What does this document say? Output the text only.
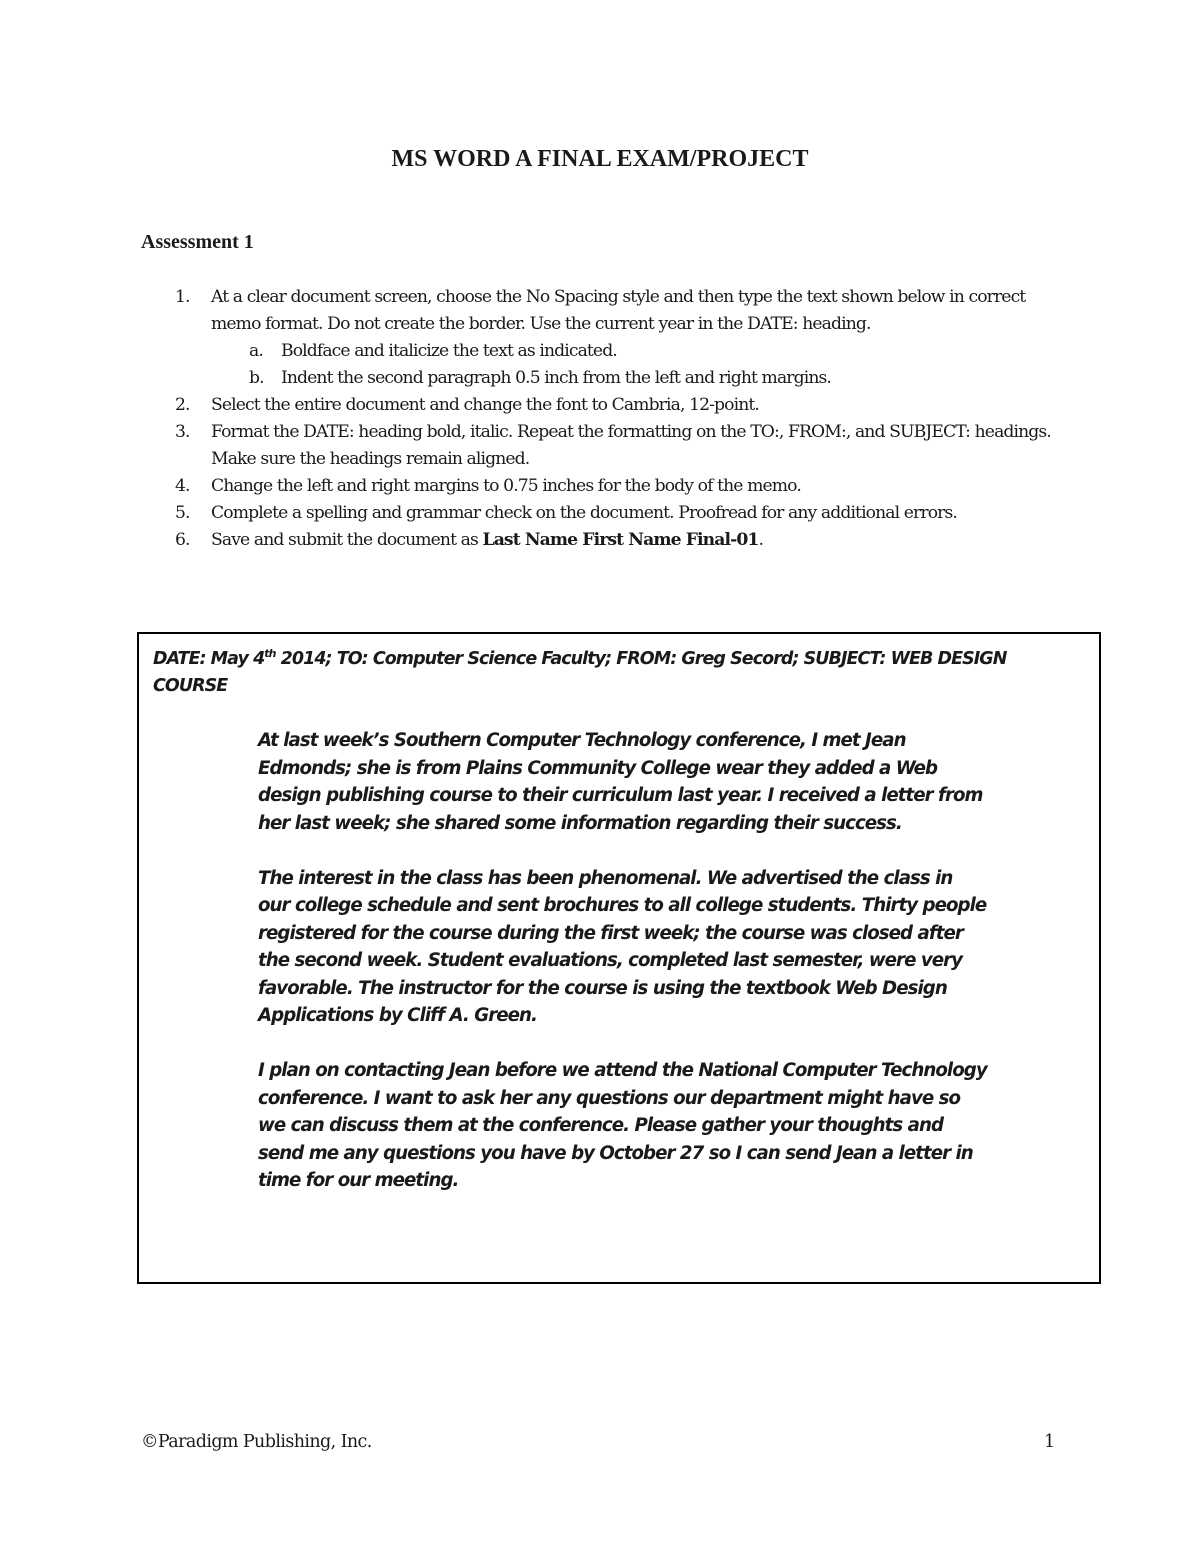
MS WORD A FINAL EXAM/PROJECT
Assessment 1
1. At a clear document screen, choose the No Spacing style and then type the text shown below in correct memo format. Do not create the border. Use the current year in the DATE: heading.
a. Boldface and italicize the text as indicated.
b. Indent the second paragraph 0.5 inch from the left and right margins.
2. Select the entire document and change the font to Cambria, 12-point.
3. Format the DATE: heading bold, italic. Repeat the formatting on the TO:, FROM:, and SUBJECT: headings. Make sure the headings remain aligned.
4. Change the left and right margins to 0.75 inches for the body of the memo.
5. Complete a spelling and grammar check on the document. Proofread for any additional errors.
6. Save and submit the document as Last Name First Name Final-01.

DATE: May 4th 2014; TO: Computer Science Faculty; FROM: Greg Secord; SUBJECT: WEB DESIGN COURSE

At last week’s Southern Computer Technology conference, I met Jean Edmonds; she is from Plains Community College wear they added a Web design publishing course to their curriculum last year. I received a letter from her last week; she shared some information regarding their success.

The interest in the class has been phenomenal. We advertised the class in our college schedule and sent brochures to all college students. Thirty people registered for the course during the first week; the course was closed after the second week. Student evaluations, completed last semester, were very favorable. The instructor for the course is using the textbook Web Design Applications by Cliff A. Green.

I plan on contacting Jean before we attend the National Computer Technology conference. I want to ask her any questions our department might have so we can discuss them at the conference. Please gather your thoughts and send me any questions you have by October 27 so I can send Jean a letter in time for our meeting.

©Paradigm Publishing, Inc.	1
